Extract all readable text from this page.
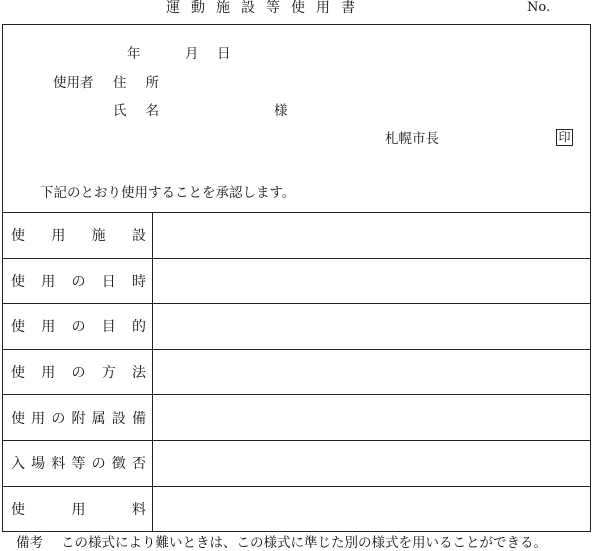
運動施設等使用書	No.
年	月 日
使用者 住 所
氏 名	様
札幌市長	印
下記のとおり使用することを承認します。
使 用 施 設
使 用 の 日 時
使 用 の 目 的
使 用 の 方 法
使 用 の 附 属 設 備
入 場 料 等 の 徴 否
使	用	料
備考 この様式により難いときは、この様式に準じた別の様式を用いることができる。
